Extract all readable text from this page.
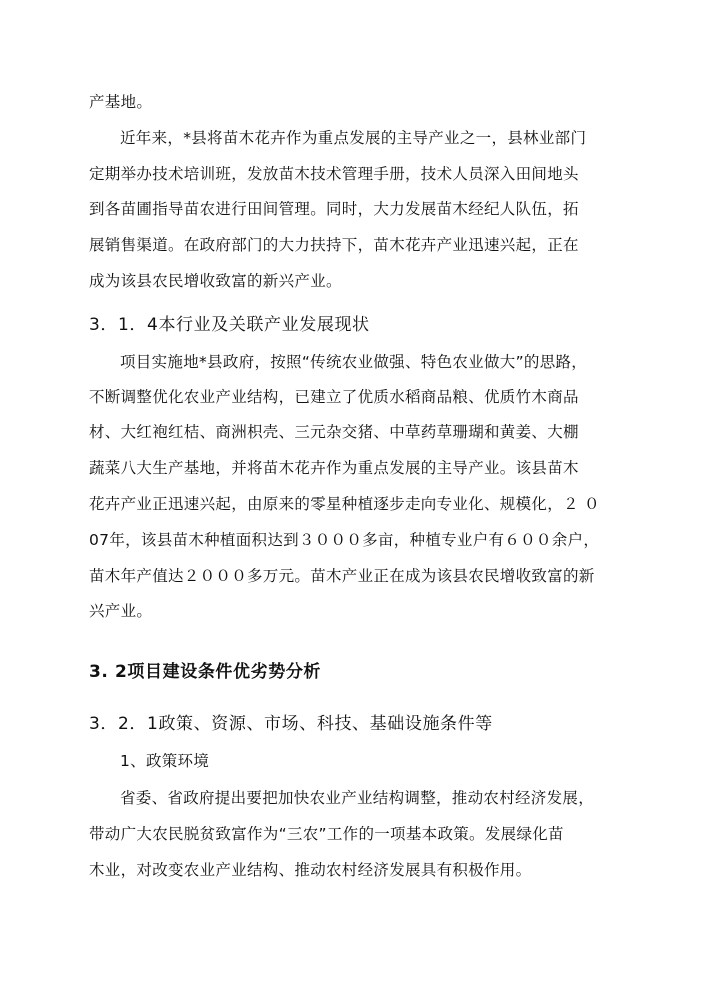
产基地。
近年来，*县将苗木花卉作为重点发展的主导产业之一，县林业部门
定期举办技术培训班，发放苗木技术管理手册，技术人员深入田间地头
到各苗圃指导苗农进行田间管理。同时，大力发展苗木经纪人队伍，拓
展销售渠道。在政府部门的大力扶持下，苗木花卉产业迅速兴起，正在
成为该县农民增收致富的新兴产业。
3．1．4本行业及关联产业发展现状
项目实施地*县政府，按照“传统农业做强、特色农业做大”的思路，
不断调整优化农业产业结构，已建立了优质水稻商品粮、优质竹木商品
材、大红袍红桔、商洲枳壳、三元杂交猪、中草药草珊瑚和黄姜、大棚
蔬菜八大生产基地，并将苗木花卉作为重点发展的主导产业。该县苗木
花卉产业正迅速兴起，由原来的零星种植逐步走向专业化、规模化，２ ０
07年，该县苗木种植面积达到３０００多亩，种植专业户有６００余户，
苗木年产值达２０００多万元。苗木产业正在成为该县农民增收致富的新
兴产业。
3. 2项目建设条件优劣势分析
3．2．1政策、资源、市场、科技、基础设施条件等
1、政策环境
省委、省政府提出要把加快农业产业结构调整，推动农村经济发展，
带动广大农民脱贫致富作为“三农”工作的一项基本政策。发展绿化苗
木业，对改变农业产业结构、推动农村经济发展具有积极作用。
